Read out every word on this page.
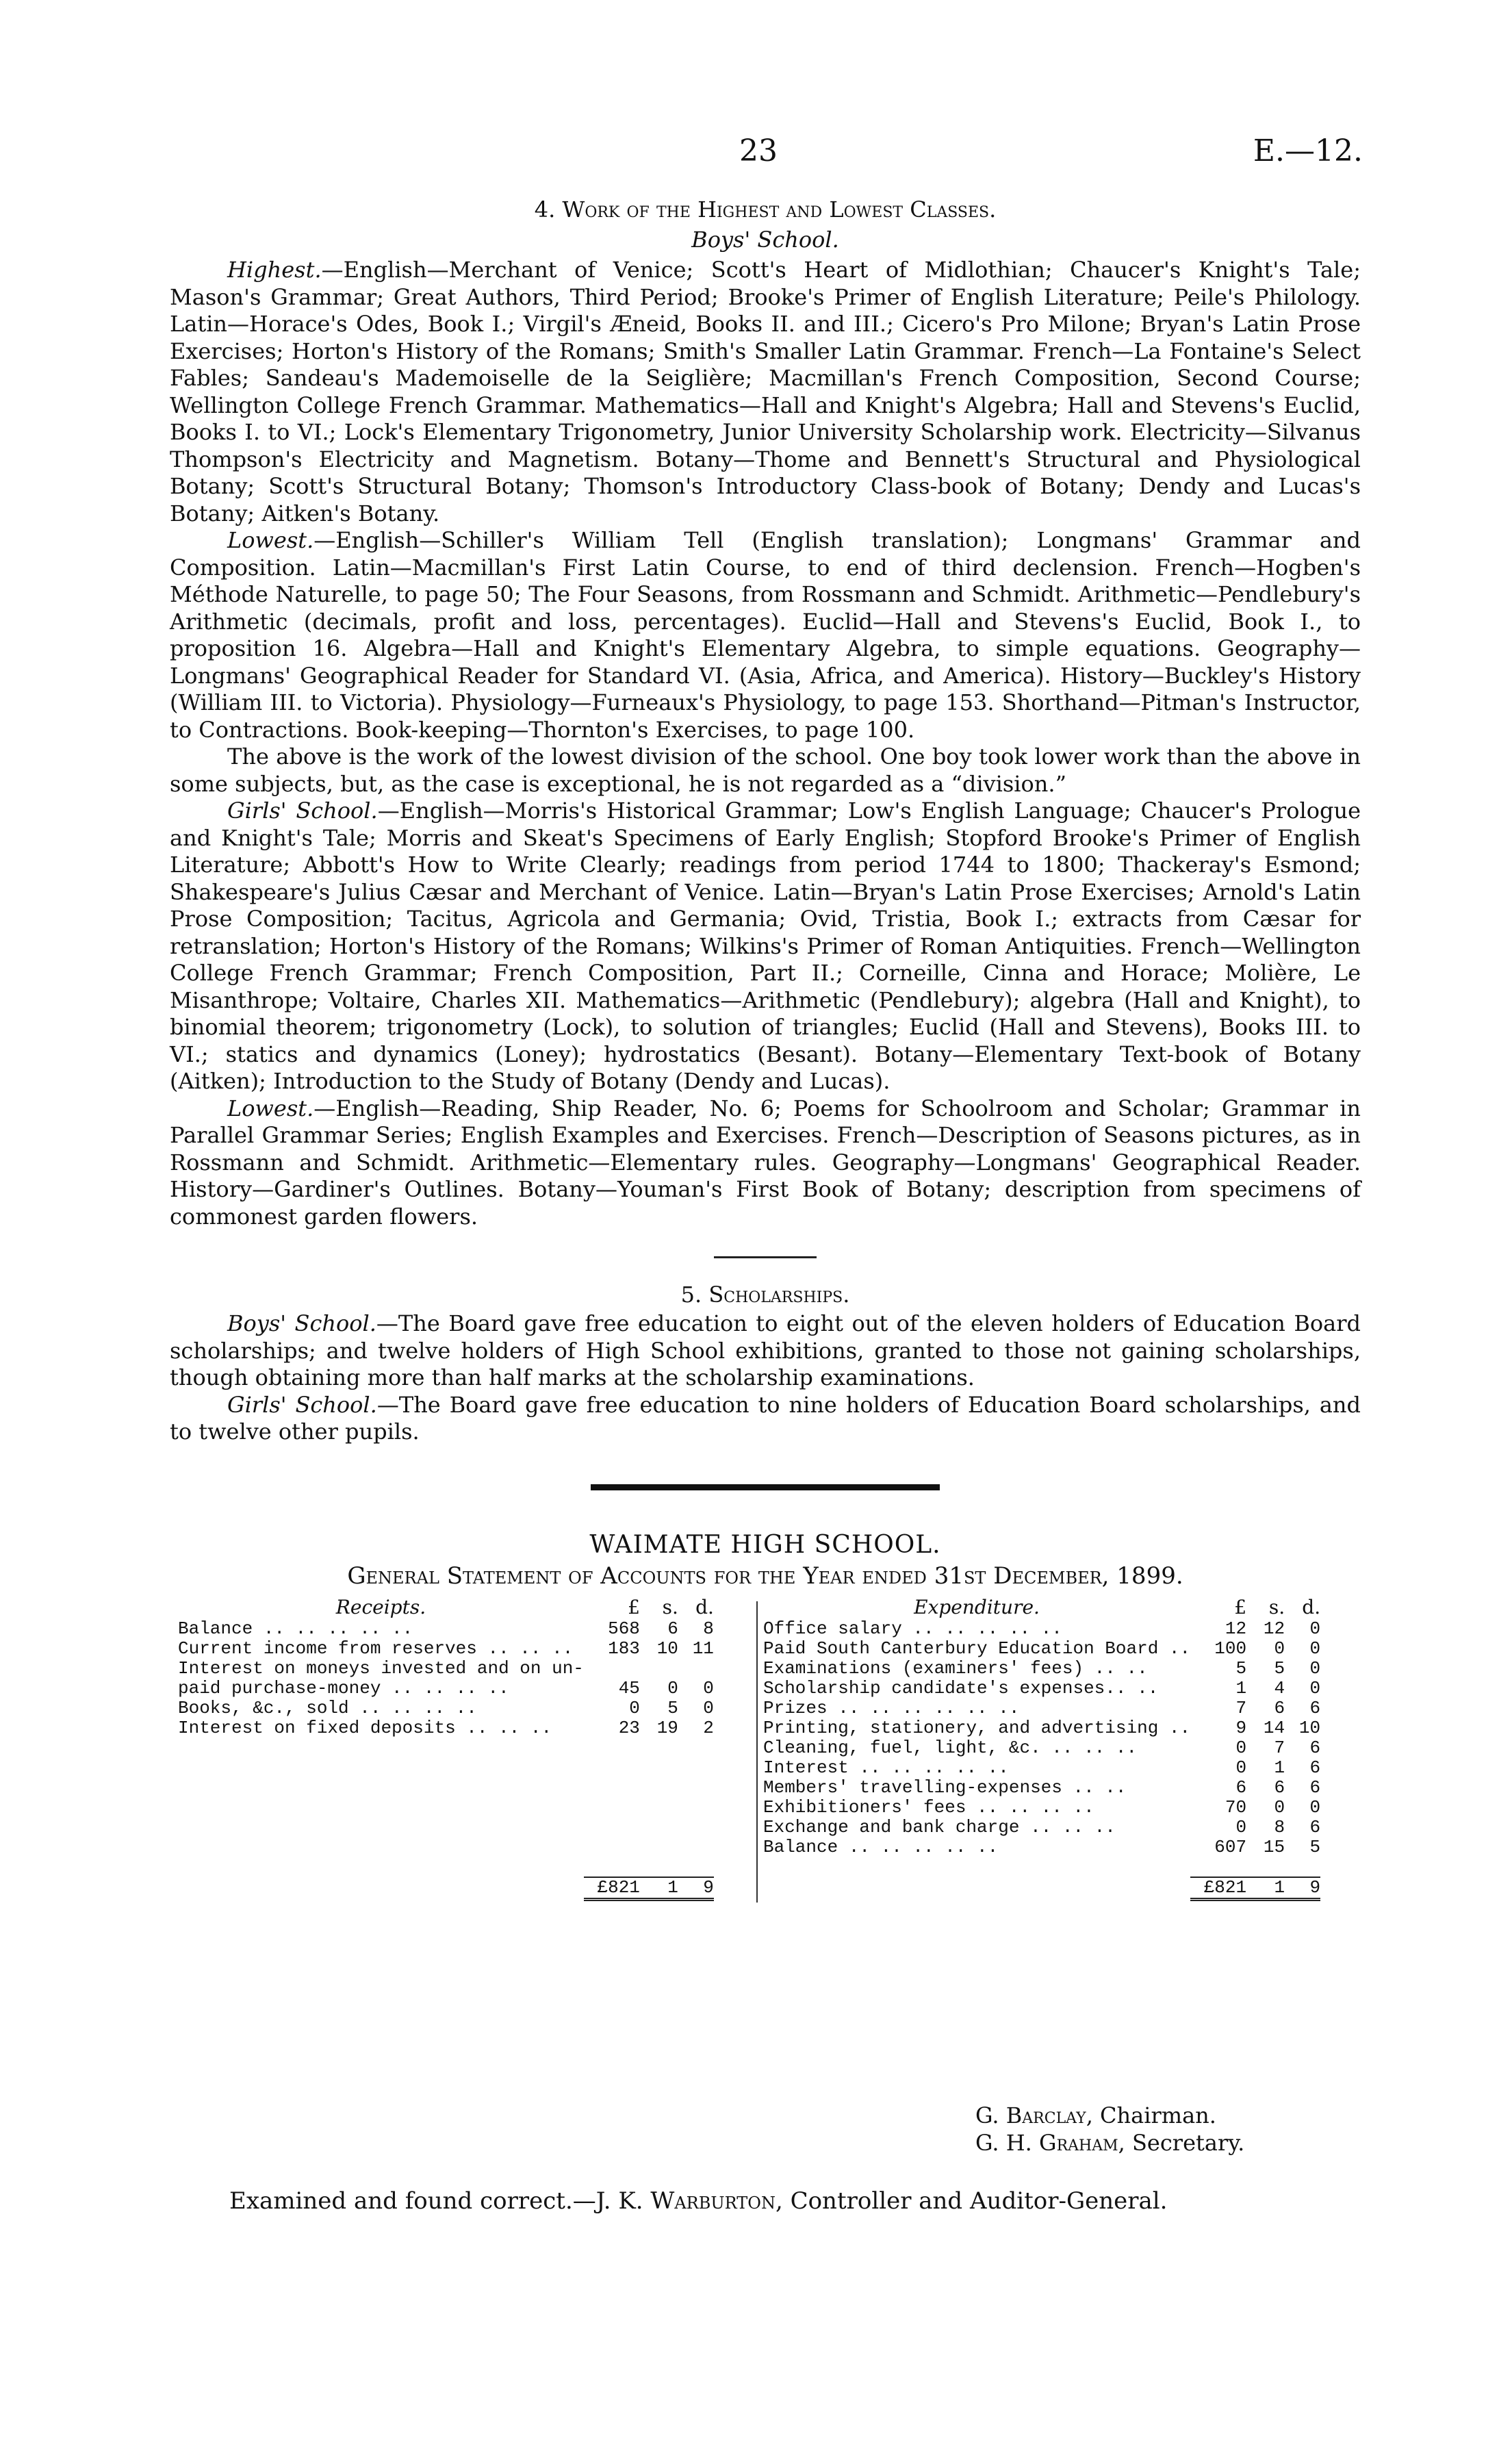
23	E.—12.
4. Work of the Highest and Lowest Classes.
Boys' School.

Highest.—English—Merchant of Venice; Scott's Heart of Midlothian; Chaucer's Knight's Tale; Mason's Grammar; Great Authors, Third Period; Brooke's Primer of English Literature; Peile's Philology. Latin—Horace's Odes, Book I.; Virgil's Æneid, Books II. and III.; Cicero's Pro Milone; Bryan's Latin Prose Exercises; Horton's History of the Romans; Smith's Smaller Latin Grammar. French—La Fontaine's Select Fables; Sandeau's Mademoiselle de la Seiglière; Macmillan's French Composition, Second Course; Wellington College French Grammar. Mathematics—Hall and Knight's Algebra; Hall and Stevens's Euclid, Books I. to VI.; Lock's Elementary Trigonometry, Junior University Scholarship work. Electricity—Silvanus Thompson's Electricity and Magnetism. Botany—Thome and Bennett's Structural and Physiological Botany; Scott's Structural Botany; Thomson's Introductory Class-book of Botany; Dendy and Lucas's Botany; Aitken's Botany.

Lowest.—English—Schiller's William Tell (English translation); Longmans' Grammar and Composition. Latin—Macmillan's First Latin Course, to end of third declension. French—Hogben's Méthode Naturelle, to page 50; The Four Seasons, from Rossmann and Schmidt. Arithmetic—Pendlebury's Arithmetic (decimals, profit and loss, percentages). Euclid—Hall and Stevens's Euclid, Book I., to proposition 16. Algebra—Hall and Knight's Elementary Algebra, to simple equations. Geography—Longmans' Geographical Reader for Standard VI. (Asia, Africa, and America). History—Buckley's History (William III. to Victoria). Physiology—Furneaux's Physiology, to page 153. Shorthand—Pitman's Instructor, to Contractions. Book-keeping—Thornton's Exercises, to page 100.

The above is the work of the lowest division of the school. One boy took lower work than the above in some subjects, but, as the case is exceptional, he is not regarded as a “division.”

Girls' School.—English—Morris's Historical Grammar; Low's English Language; Chaucer's Prologue and Knight's Tale; Morris and Skeat's Specimens of Early English; Stopford Brooke's Primer of English Literature; Abbott's How to Write Clearly; readings from period 1744 to 1800; Thackeray's Esmond; Shakespeare's Julius Cæsar and Merchant of Venice. Latin—Bryan's Latin Prose Exercises; Arnold's Latin Prose Composition; Tacitus, Agricola and Germania; Ovid, Tristia, Book I.; extracts from Cæsar for retranslation; Horton's History of the Romans; Wilkins's Primer of Roman Antiquities. French—Wellington College French Grammar; French Composition, Part II.; Corneille, Cinna and Horace; Molière, Le Misanthrope; Voltaire, Charles XII. Mathematics—Arithmetic (Pendlebury); algebra (Hall and Knight), to binomial theorem; trigonometry (Lock), to solution of triangles; Euclid (Hall and Stevens), Books III. to VI.; statics and dynamics (Loney); hydrostatics (Besant). Botany—Elementary Text-book of Botany (Aitken); Introduction to the Study of Botany (Dendy and Lucas).

Lowest.—English—Reading, Ship Reader, No. 6; Poems for Schoolroom and Scholar; Grammar in Parallel Grammar Series; English Examples and Exercises. French—Description of Seasons pictures, as in Rossmann and Schmidt. Arithmetic—Elementary rules. Geography—Longmans' Geographical Reader. History—Gardiner's Outlines. Botany—Youman's First Book of Botany; description from specimens of commonest garden flowers.

5. Scholarships.

Boys' School.—The Board gave free education to eight out of the eleven holders of Education Board scholarships; and twelve holders of High School exhibitions, granted to those not gaining scholarships, though obtaining more than half marks at the scholarship examinations.

Girls' School.—The Board gave free education to nine holders of Education Board scholarships, and to twelve other pupils.

WAIMATE HIGH SCHOOL.
General Statement of Accounts for the Year ended 31st December, 1899.
Receipts.	£	s.	d.
Balance .. .. .. .. ..	568	6	8
Current income from reserves .. .. ..	183	10	11
Interest on moneys invested and on un-			
paid purchase-money .. .. .. ..	45	0	0
Books, &c., sold .. .. .. ..	0	5	0
Interest on fixed deposits .. .. ..	23	19	2

	£821	1	9
Expenditure.	£	s.	d.
Office salary .. .. .. .. ..	12	12	0
Paid South Canterbury Education Board ..	100	0	0
Examinations (examiners' fees) .. ..	5	5	0
Scholarship candidate's expenses.. ..	1	4	0
Prizes .. .. .. .. .. ..	7	6	6
Printing, stationery, and advertising ..	9	14	10
Cleaning, fuel, light, &c. .. .. ..	0	7	6
Interest .. .. .. .. ..	0	1	6
Members' travelling-expenses .. ..	6	6	6
Exhibitioners' fees .. .. .. ..	70	0	0
Exchange and bank charge .. .. ..	0	8	6
Balance .. .. .. .. ..	607	15	5

	£821	1	9
G. Barclay, Chairman.
G. H. Graham, Secretary.
Examined and found correct.—J. K. Warburton, Controller and Auditor-General.
